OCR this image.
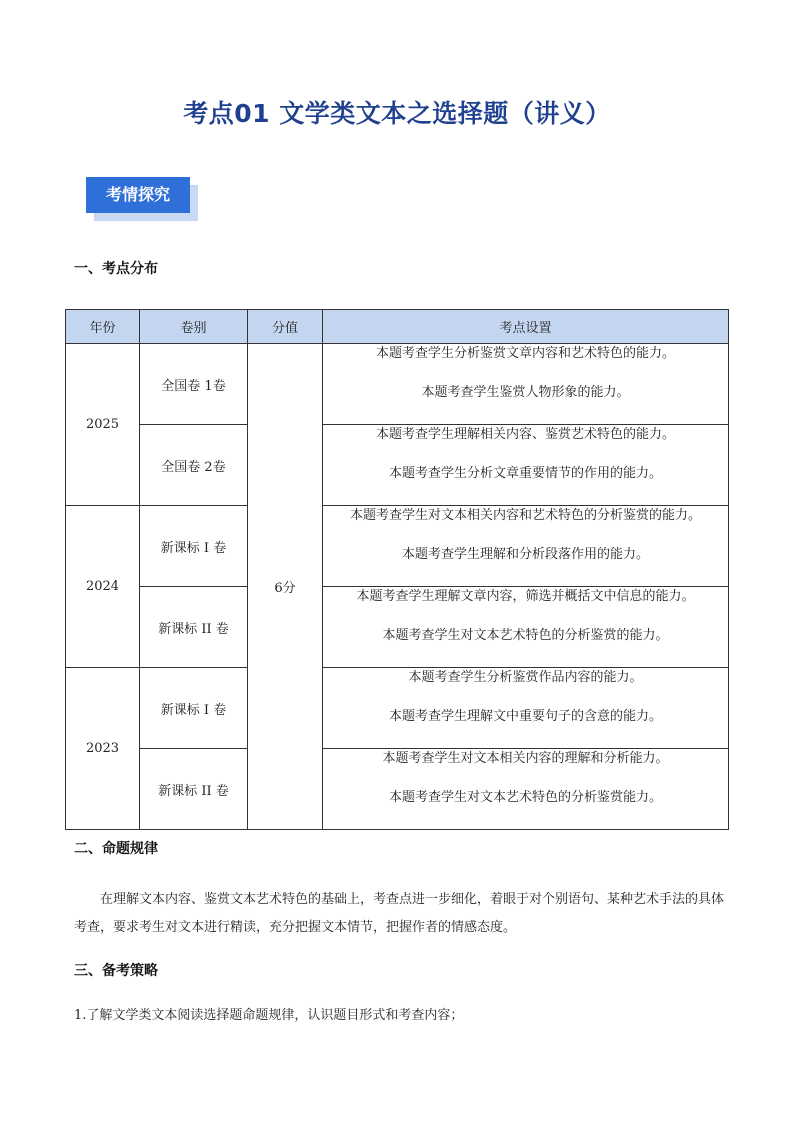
考点01 文学类文本之选择题（讲义）
考情探究
一、考点分布
年份	卷别	分值	考点设置
2025	全国卷 1卷	6分	本题考查学生分析鉴赏文章内容和艺术特色的能力。
本题考查学生鉴赏人物形象的能力。

	全国卷 2卷		本题考查学生理解相关内容、鉴赏艺术特色的能力。
本题考查学生分析文章重要情节的作用的能力。

2024	新课标 I 卷		本题考查学生对文本相关内容和艺术特色的分析鉴赏的能力。
本题考查学生理解和分析段落作用的能力。

	新课标 II 卷		本题考查学生理解文章内容，筛选并概括文中信息的能力。
本题考查学生对文本艺术特色的分析鉴赏的能力。

2023	新课标 I 卷		本题考查学生分析鉴赏作品内容的能力。
本题考查学生理解文中重要句子的含意的能力。

	新课标 II 卷		本题考查学生对文本相关内容的理解和分析能力。
本题考查学生对文本艺术特色的分析鉴赏能力。
二、命题规律
在理解文本内容、鉴赏文本艺术特色的基础上，考查点进一步细化，着眼于对个别语句、某种艺术手法的具体考查，要求考生对文本进行精读，充分把握文本情节，把握作者的情感态度。
三、备考策略
1.了解文学类文本阅读选择题命题规律，认识题目形式和考查内容；
